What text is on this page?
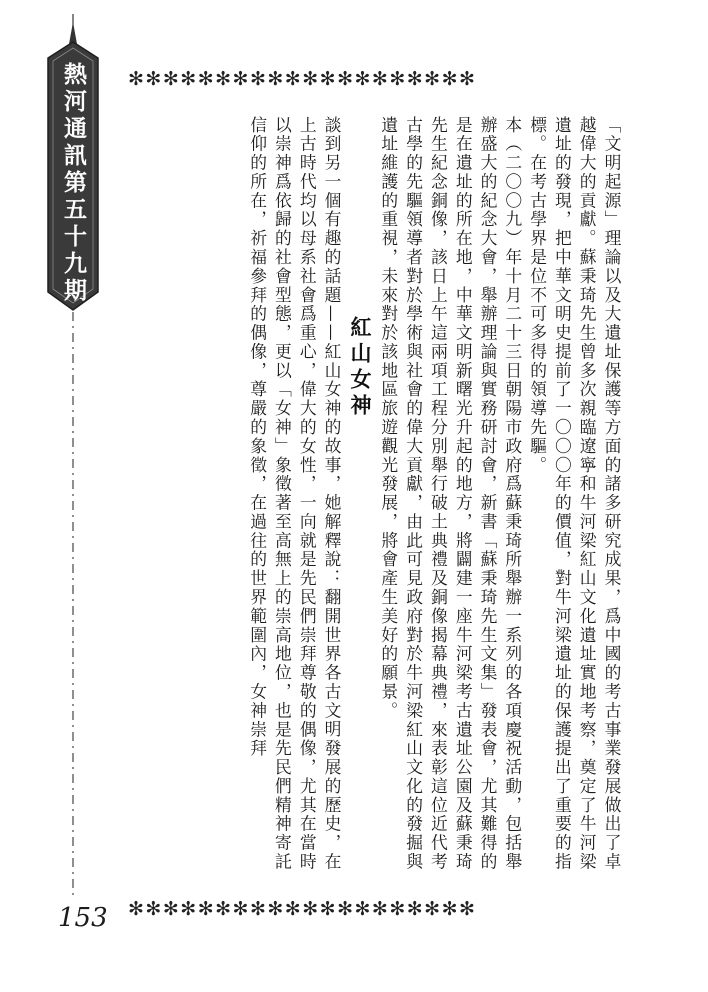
熱河通訊第五十九期 ✻✻✻✻✻✻✻✻✻✻✻✻✻✻✻✻✻✻✻✻

「文明起源」理論以及大遺址保護等方面的諸多研究成果，爲中國的考古事業發展做出了卓越偉大的貢獻。蘇秉琦先生曾多次親臨遼寧和牛河梁紅山文化遺址實地考察，奠定了牛河梁遺址的發現，把中華文明史提前了一〇〇〇年的價值，對牛河梁遺址的保護提出了重要的指標。在考古學界是位不可多得的領導先驅。

本（二〇〇九）年十月二十三日朝陽市政府爲蘇秉琦所舉辦一系列的各項慶祝活動，包括舉辦盛大的紀念大會，舉辦理論與實務研討會，新書「蘇秉琦先生文集」發表會，尤其難得的是在遺址的所在地，中華文明新曙光升起的地方，將闢建一座牛河梁考古遺址公園及蘇秉琦先生紀念銅像，該日上午這兩項工程分別舉行破土典禮及銅像揭幕典禮，來表彰這位近代考古學的先驅領導者對於學術與社會的偉大貢獻，由此可見政府對於牛河梁紅山文化的發掘與遺址維護的重視，未來對於該地區旅遊觀光發展，將會產生美好的願景。

紅山女神

談到另一個有趣的話題——紅山女神的故事，她解釋說：翻開世界各古文明發展的歷史，在上古時代均以母系社會爲重心，偉大的女性，一向就是先民們崇拜尊敬的偶像，尤其在當時以崇神爲依歸的社會型態，更以「女神」象徵著至高無上的崇高地位，也是先民們精神寄託信仰的所在，祈福參拜的偶像，尊嚴的象徵，在過往的世界範圍內，女神崇拜

✻✻✻✻✻✻✻✻✻✻✻✻✻✻✻✻✻✻✻✻
153
